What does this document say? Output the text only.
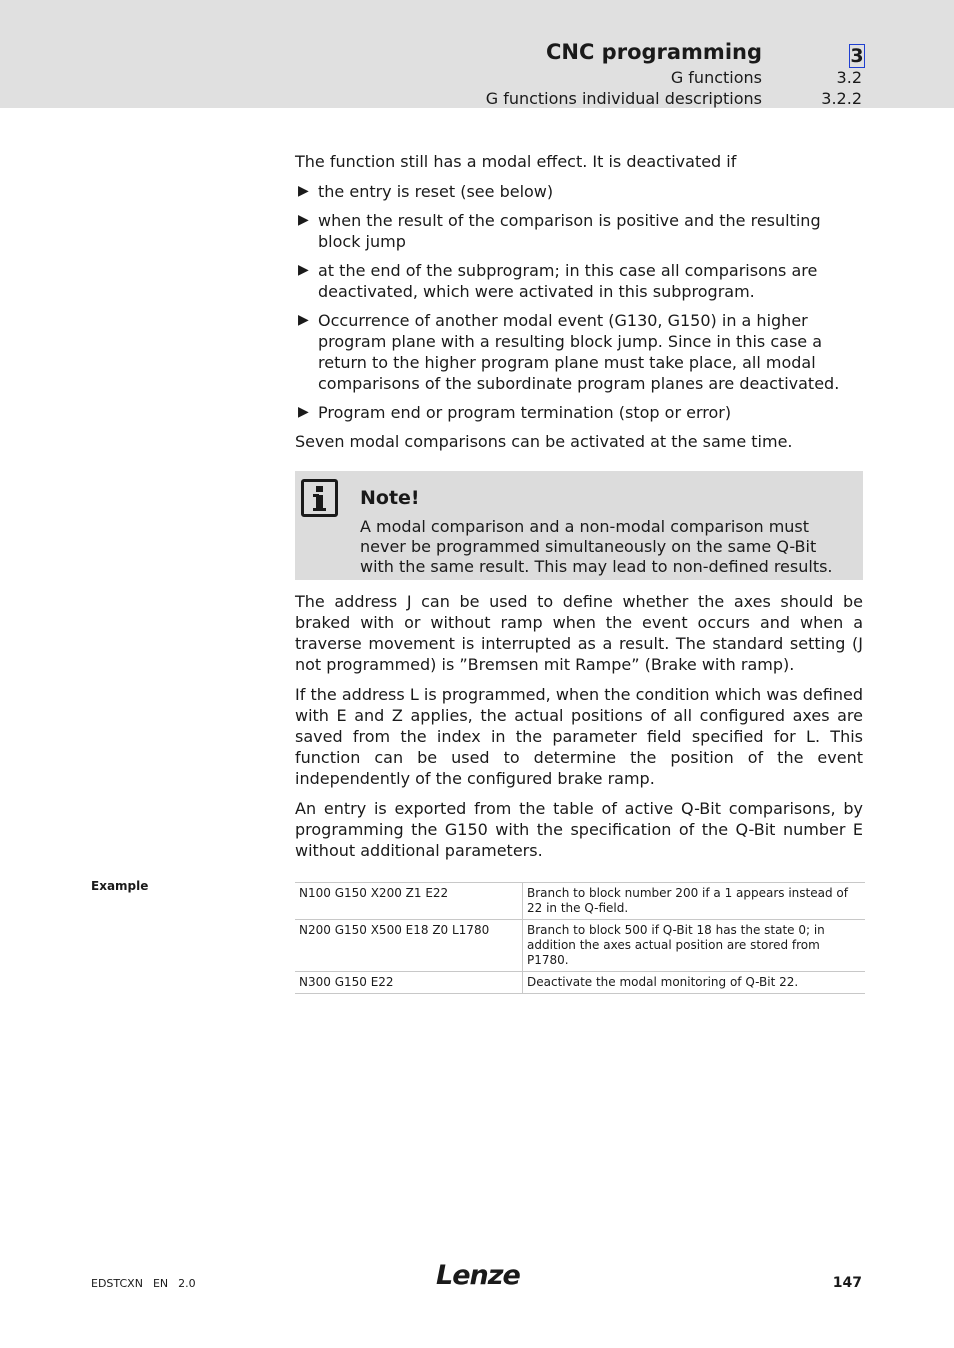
CNC programming	3
G functions	3.2
G functions individual descriptions	3.2.2

The function still has a modal effect. It is deactivated if

▶ the entry is reset (see below)
▶ when the result of the comparison is positive and the resulting block jump
▶ at the end of the subprogram; in this case all comparisons are deactivated, which were activated in this subprogram.
▶ Occurrence of another modal event (G130, G150) in a higher program plane with a resulting block jump. Since in this case a return to the higher program plane must take place, all modal comparisons of the subordinate program planes are deactivated.
▶ Program end or program termination (stop or error)

Seven modal comparisons can be activated at the same time.

Note!
A modal comparison and a non-modal comparison must never be programmed simultaneously on the same Q-Bit with the same result. This may lead to non-defined results.

The address J can be used to define whether the axes should be braked with or without ramp when the event occurs and when a traverse movement is interrupted as a result. The standard setting (J not programmed) is ”Bremsen mit Rampe” (Brake with ramp).

If the address L is programmed, when the condition which was defined with E and Z applies, the actual positions of all configured axes are saved from the index in the parameter field specified for L. This function can be used to determine the position of the event independently of the configured brake ramp.

An entry is exported from the table of active Q-Bit comparisons, by programming the G150 with the specification of the Q-Bit number E without additional parameters.

Example	N100 G150 X200 Z1 E22	Branch to block number 200 if a 1 appears instead of 22 in the Q-field.
N200 G150 X500 E18 Z0 L1780	Branch to block 500 if Q-Bit 18 has the state 0; in addition the axes actual position are stored from P1780.
N300 G150 E22	Deactivate the modal monitoring of Q-Bit 22.
EDSTCXN EN 2.0	Lenze	147
